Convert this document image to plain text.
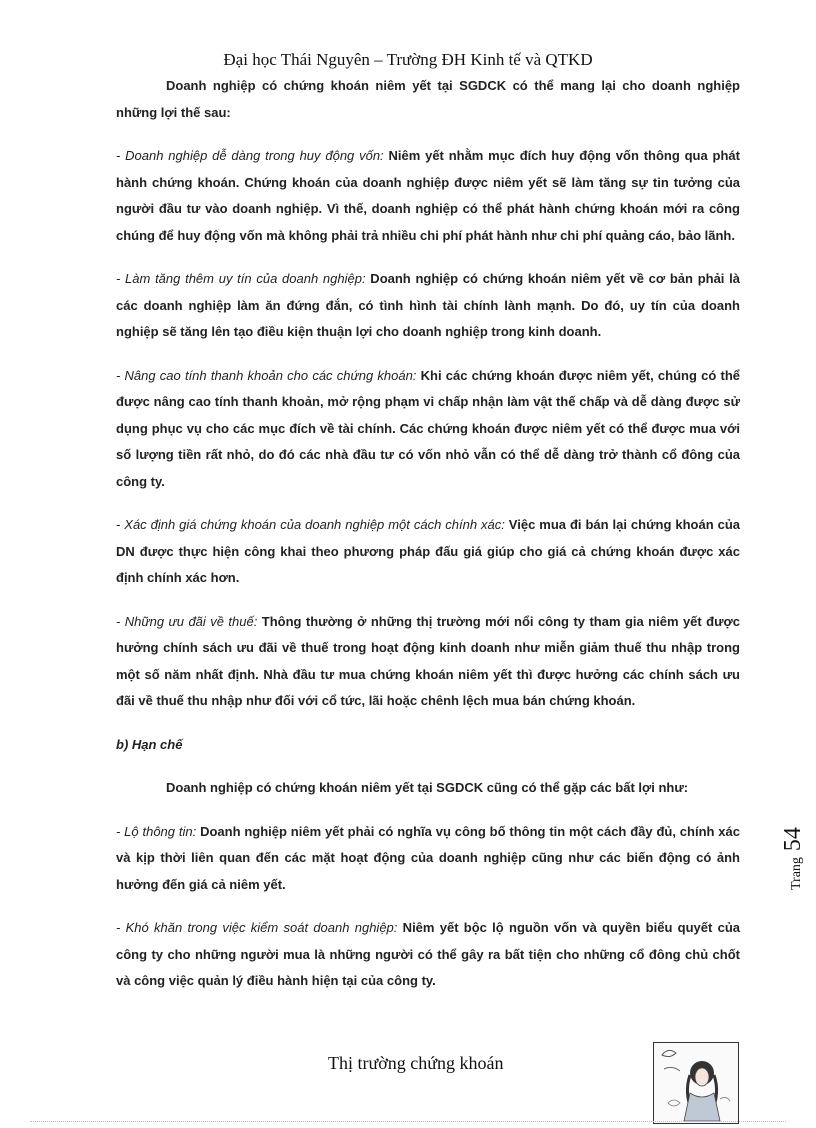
Đại học Thái Nguyên – Trường ĐH Kinh tế và QTKD

Doanh nghiệp có chứng khoán niêm yết tại SGDCK có thể mang lại cho doanh nghiệp những lợi thế sau:

- Doanh nghiệp dễ dàng trong huy động vốn: Niêm yết nhằm mục đích huy động vốn thông qua phát hành chứng khoán. Chứng khoán của doanh nghiệp được niêm yết sẽ làm tăng sự tin tưởng của người đầu tư vào doanh nghiệp. Vì thế, doanh nghiệp có thể phát hành chứng khoán mới ra công chúng để huy động vốn mà không phải trả nhiều chi phí phát hành như chi phí quảng cáo, bảo lãnh.

- Làm tăng thêm uy tín của doanh nghiệp: Doanh nghiệp có chứng khoán niêm yết về cơ bản phải là các doanh nghiệp làm ăn đứng đắn, có tình hình tài chính lành mạnh. Do đó, uy tín của doanh nghiệp sẽ tăng lên tạo điều kiện thuận lợi cho doanh nghiệp trong kinh doanh.

- Nâng cao tính thanh khoản cho các chứng khoán: Khi các chứng khoán được niêm yết, chúng có thể được nâng cao tính thanh khoản, mở rộng phạm vi chấp nhận làm vật thế chấp và dễ dàng được sử dụng phục vụ cho các mục đích về tài chính. Các chứng khoán được niêm yết có thể được mua với số lượng tiền rất nhỏ, do đó các nhà đầu tư có vốn nhỏ vẫn có thể dễ dàng trở thành cổ đông của công ty.

- Xác định giá chứng khoán của doanh nghiệp một cách chính xác: Việc mua đi bán lại chứng khoán của DN được thực hiện công khai theo phương pháp đấu giá giúp cho giá cả chứng khoán được xác định chính xác hơn.

- Những ưu đãi về thuế: Thông thường ở những thị trường mới nổi công ty tham gia niêm yết được hưởng chính sách ưu đãi về thuế trong hoạt động kinh doanh như miễn giảm thuế thu nhập trong một số năm nhất định. Nhà đầu tư mua chứng khoán niêm yết thì được hưởng các chính sách ưu đãi về thuế thu nhập như đối với cổ tức, lãi hoặc chênh lệch mua bán chứng khoán.

b) Hạn chế

Doanh nghiệp có chứng khoán niêm yết tại SGDCK cũng có thể gặp các bất lợi như:

- Lộ thông tin: Doanh nghiệp niêm yết phải có nghĩa vụ công bố thông tin một cách đầy đủ, chính xác và kịp thời liên quan đến các mặt hoạt động của doanh nghiệp cũng như các biến động có ảnh hưởng đến giá cả niêm yết.

- Khó khăn trong việc kiểm soát doanh nghiệp: Niêm yết bộc lộ nguồn vốn và quyền biểu quyết của công ty cho những người mua là những người có thể gây ra bất tiện cho những cổ đông chủ chốt và công việc quản lý điều hành hiện tại của công ty.

Trang54
Thị trường chứng khoán
